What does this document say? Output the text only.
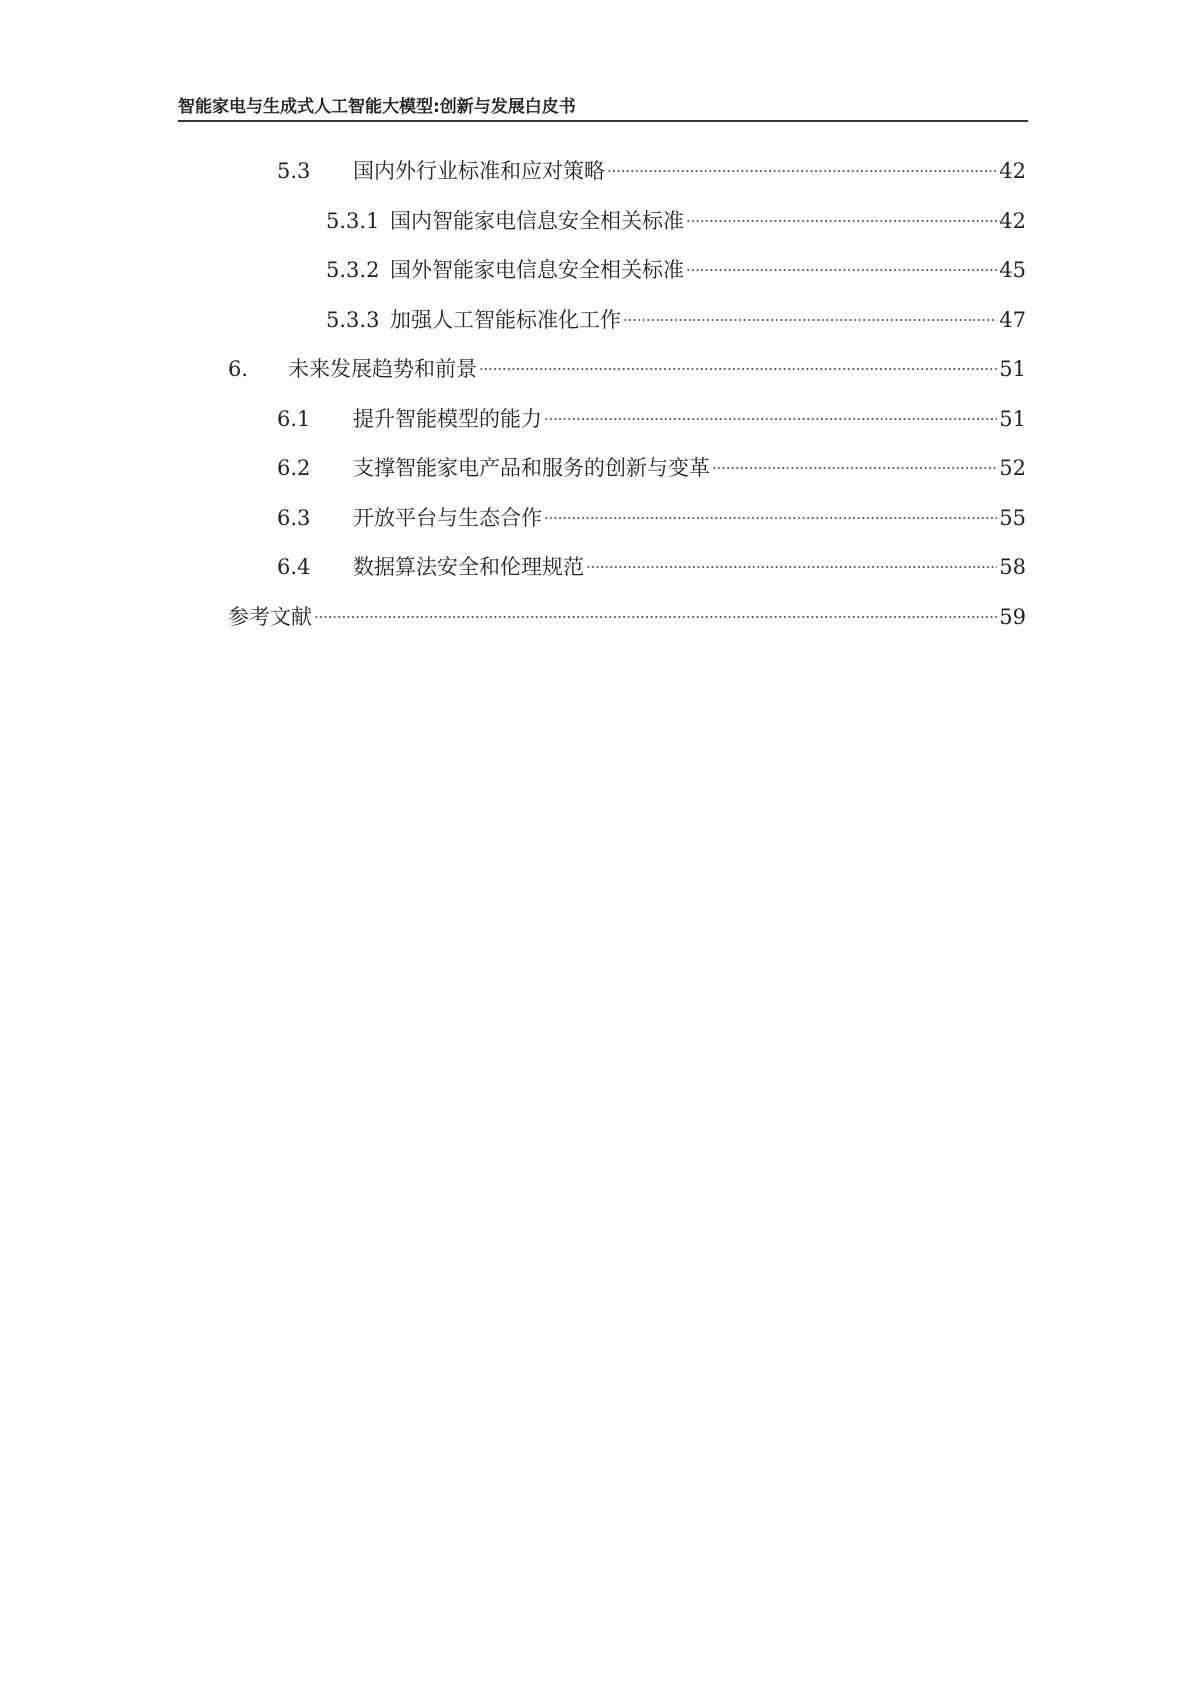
智能家电与生成式人工智能大模型:创新与发展白皮书
5.3	国内外行业标准和应对策略	42
5.3.1 国内智能家电信息安全相关标准	42
5.3.2 国外智能家电信息安全相关标准	45
5.3.3 加强人工智能标准化工作	47
6.	未来发展趋势和前景	51
6.1	提升智能模型的能力	51
6.2	支撑智能家电产品和服务的创新与变革	52
6.3	开放平台与生态合作	55
6.4	数据算法安全和伦理规范	58
参考文献	59
